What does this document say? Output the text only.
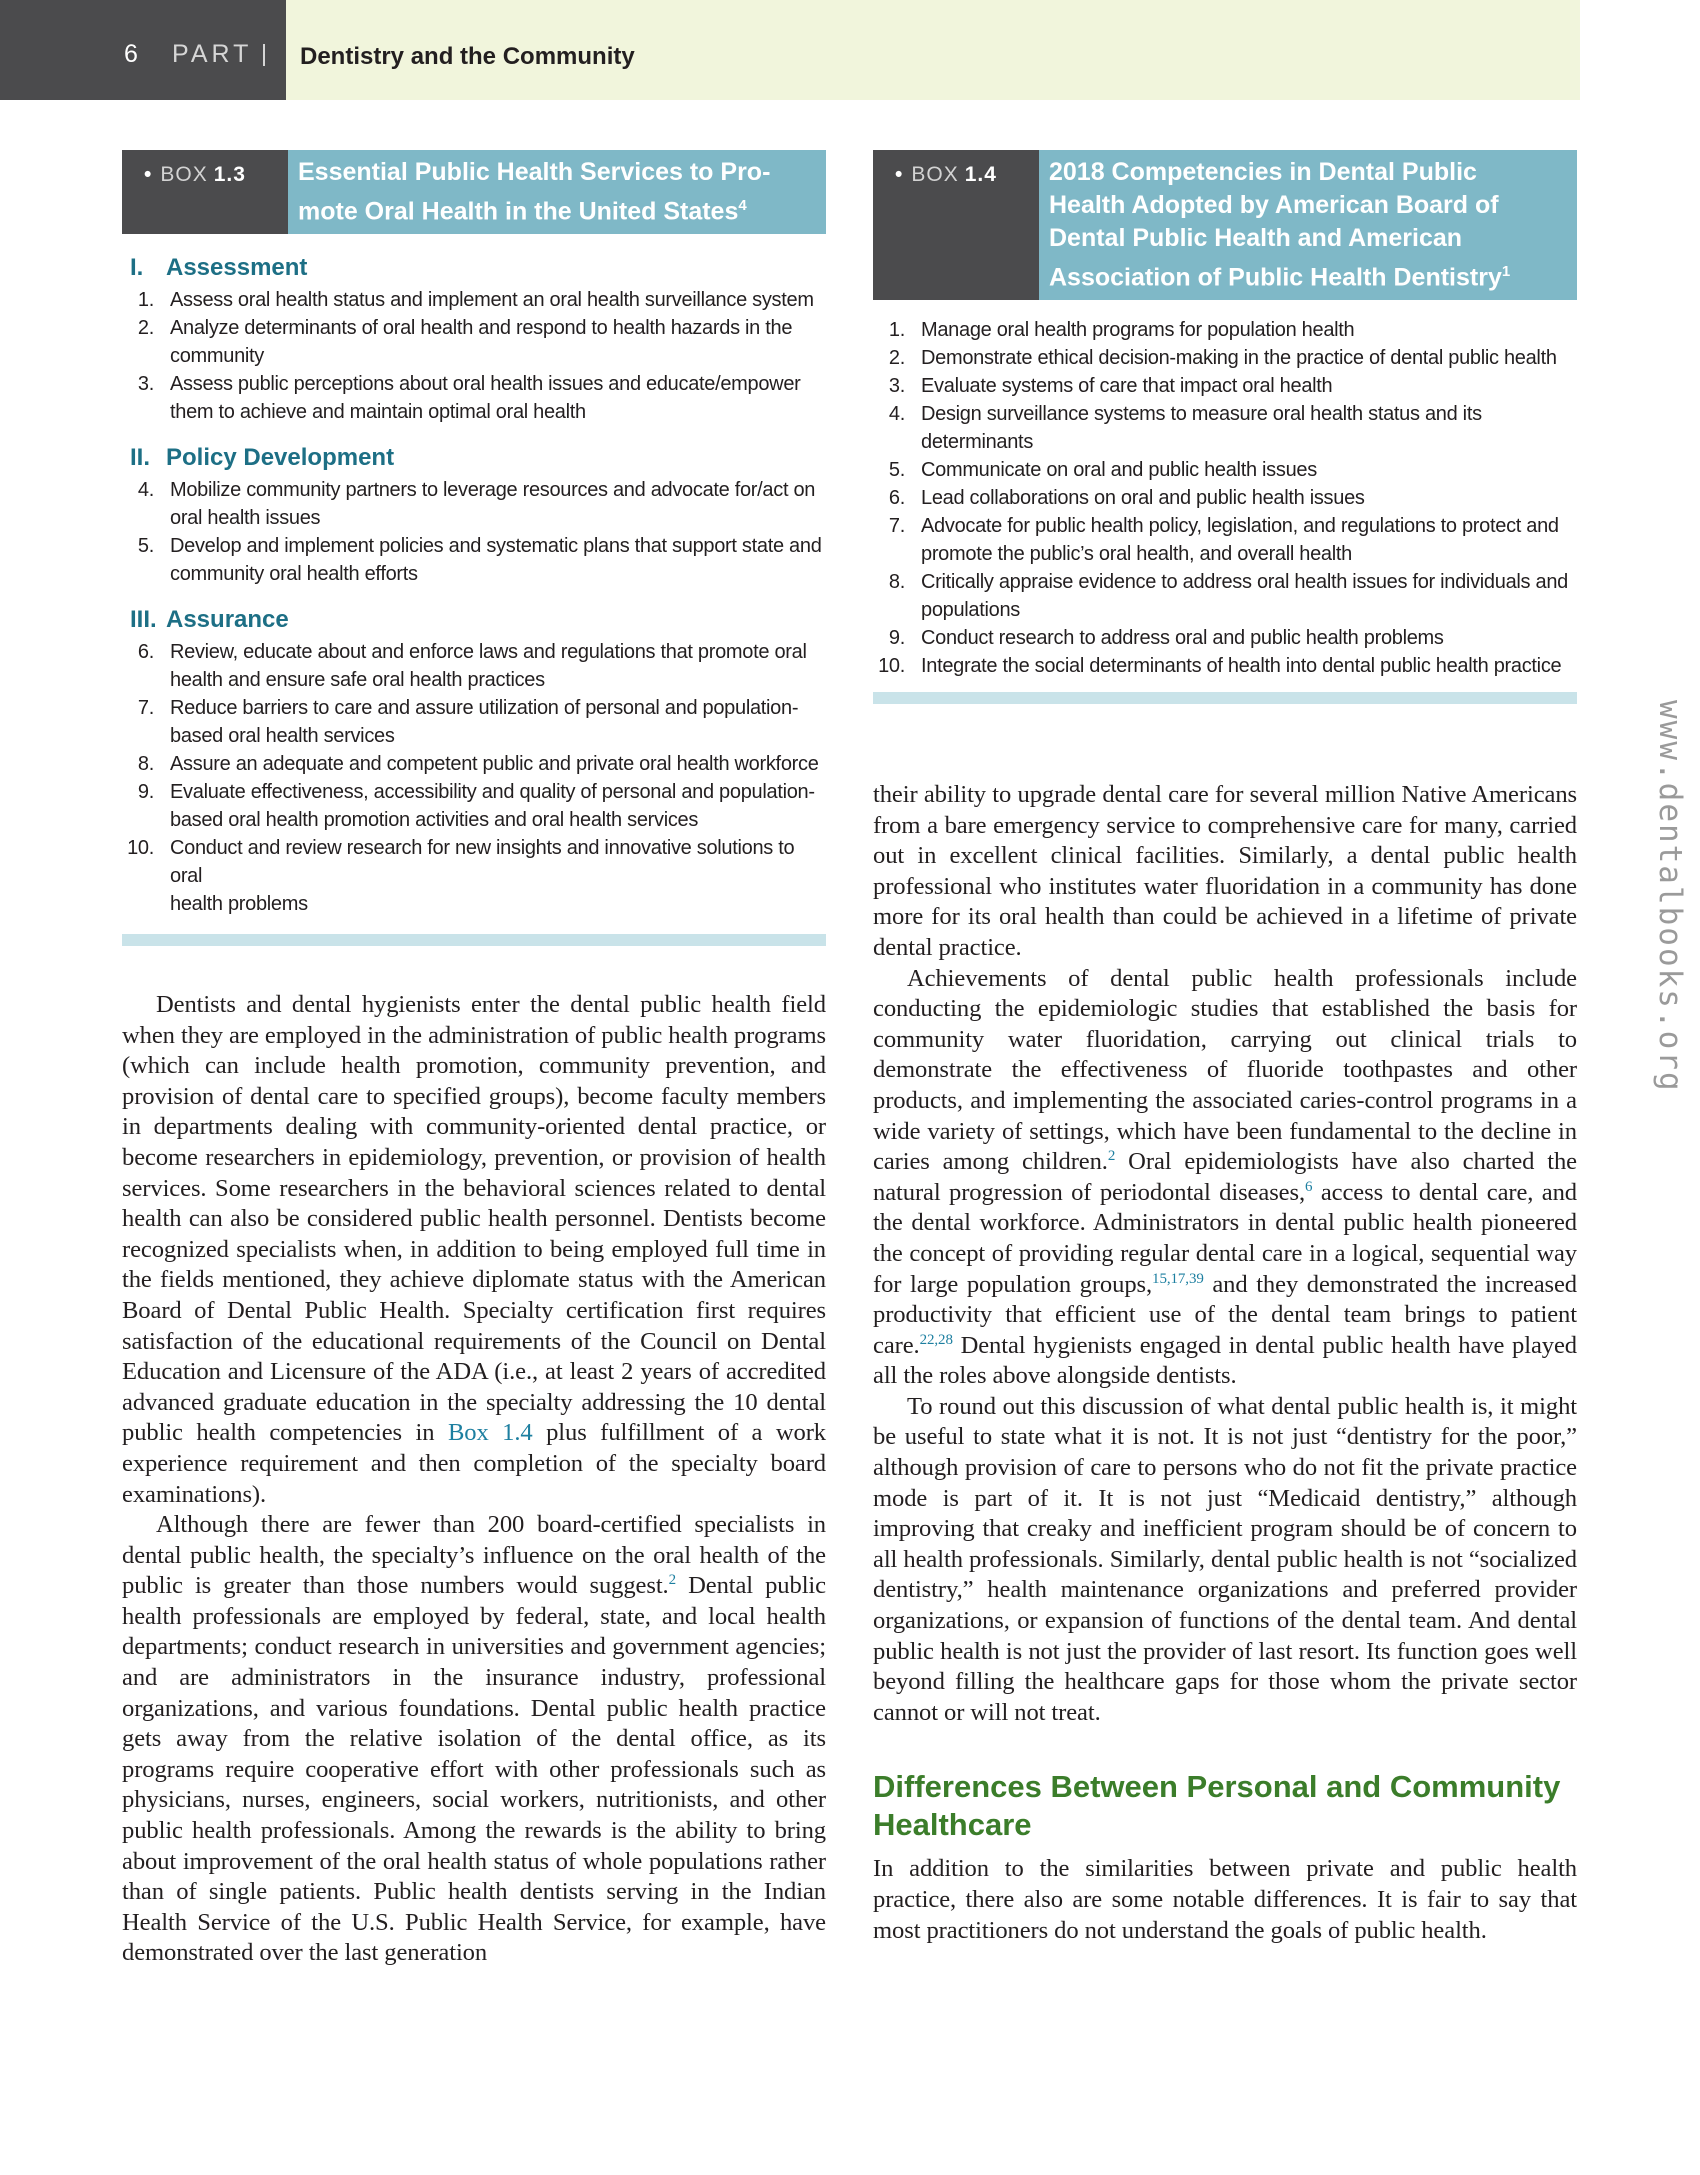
6 PART Dentistry and the Community
• BOX 1.3 Essential Public Health Services to Pro-
mote Oral Health in the United States$^4$
I. Assessment
1. Assess oral health status and implement an oral health surveillance system
2. Analyze determinants of oral health and respond to health hazards in the
community
3. Assess public perceptions about oral health issues and educate/empower
them to achieve and maintain optimal oral health
II. Policy Development
4. Mobilize community partners to leverage resources and advocate for/act on
oral health issues
5. Develop and implement policies and systematic plans that support state and
community oral health efforts
III. Assurance
6. Review, educate about and enforce laws and regulations that promote oral
health and ensure safe oral health practices
7. Reduce barriers to care and assure utilization of personal and population-
based oral health services
8. Assure an adequate and competent public and private oral health workforce
9. Evaluate effectiveness, accessibility and quality of personal and population-
based oral health promotion activities and oral health services
10. Conduct and review research for new insights and innovative solutions to oral
health problems
• BOX 1.4 2018 Competencies in Dental Public
Health Adopted by American Board of
Dental Public Health and American
Association of Public Health Dentistry$^1$
1. Manage oral health programs for population health
2. Demonstrate ethical decision-making in the practice of dental public health
3. Evaluate systems of care that impact oral health
4. Design surveillance systems to measure oral health status and its
determinants
5. Communicate on oral and public health issues
6. Lead collaborations on oral and public health issues
7. Advocate for public health policy, legislation, and regulations to protect and
promote the public’s oral health, and overall health
8. Critically appraise evidence to address oral health issues for individuals and
populations
9. Conduct research to address oral and public health problems
10. Integrate the social determinants of health into dental public health practice

Dentists and dental hygienists enter the dental public health field when they are employed in the administration of public health programs (which can include health promotion, community prevention, and provision of dental care to specified groups), become faculty members in departments dealing with community-oriented dental practice, or become researchers in epidemiology, prevention, or provision of health services. Some researchers in the behavioral sciences related to dental health can also be considered public health personnel. Dentists become recognized specialists when, in addition to being employed full time in the fields mentioned, they achieve diplomate status with the American Board of Dental Public Health. Specialty certification first requires satisfaction of the educational requirements of the Council on Dental Education and Licensure of the ADA (i.e., at least 2 years of accredited advanced graduate education in the specialty addressing the 10 dental public health competencies in Box 1.4 plus fulfillment of a work experience requirement and then completion of the specialty board examinations).

Although there are fewer than 200 board-certified specialists in dental public health, the specialty’s influence on the oral health of the public is greater than those numbers would suggest.$^2$ Dental public health professionals are employed by federal, state, and local health departments; conduct research in universities and government agencies; and are administrators in the insurance industry, professional organizations, and various foundations. Dental public health practice gets away from the relative isolation of the dental office, as its programs require cooperative effort with other professionals such as physicians, nurses, engineers, social workers, nutritionists, and other public health professionals. Among the rewards is the ability to bring about improvement of the oral health status of whole populations rather than of single patients. Public health dentists serving in the Indian Health Service of the U.S. Public Health Service, for example, have demonstrated over the last generation

their ability to upgrade dental care for several million Native Americans from a bare emergency service to comprehensive care for many, carried out in excellent clinical facilities. Similarly, a dental public health professional who institutes water fluoridation in a community has done more for its oral health than could be achieved in a lifetime of private dental practice.

Achievements of dental public health professionals include conducting the epidemiologic studies that established the basis for community water fluoridation, carrying out clinical trials to demonstrate the effectiveness of fluoride toothpastes and other products, and implementing the associated caries-control programs in a wide variety of settings, which have been fundamental to the decline in caries among children.$^2$ Oral epidemiologists have also charted the natural progression of periodontal diseases,$^6$ access to dental care, and the dental workforce. Administrators in dental public health pioneered the concept of providing regular dental care in a logical, sequential way for large population groups,$^{15,17,39}$ and they demonstrated the increased productivity that efficient use of the dental team brings to patient care.$^{22,28}$ Dental hygienists engaged in dental public health have played all the roles above alongside dentists.

To round out this discussion of what dental public health is, it might be useful to state what it is not. It is not just “dentistry for the poor,” although provision of care to persons who do not fit the private practice mode is part of it. It is not just “Medicaid dentistry,” although improving that creaky and inefficient program should be of concern to all health professionals. Similarly, dental public health is not “socialized dentistry,” health maintenance organizations and preferred provider organizations, or expansion of functions of the dental team. And dental public health is not just the provider of last resort. Its function goes well beyond filling the healthcare gaps for those whom the private sector cannot or will not treat.

Differences Between Personal and Community Healthcare

In addition to the similarities between private and public health practice, there also are some notable differences. It is fair to say that most practitioners do not understand the goals of public health.

www.dentalbooks.org
